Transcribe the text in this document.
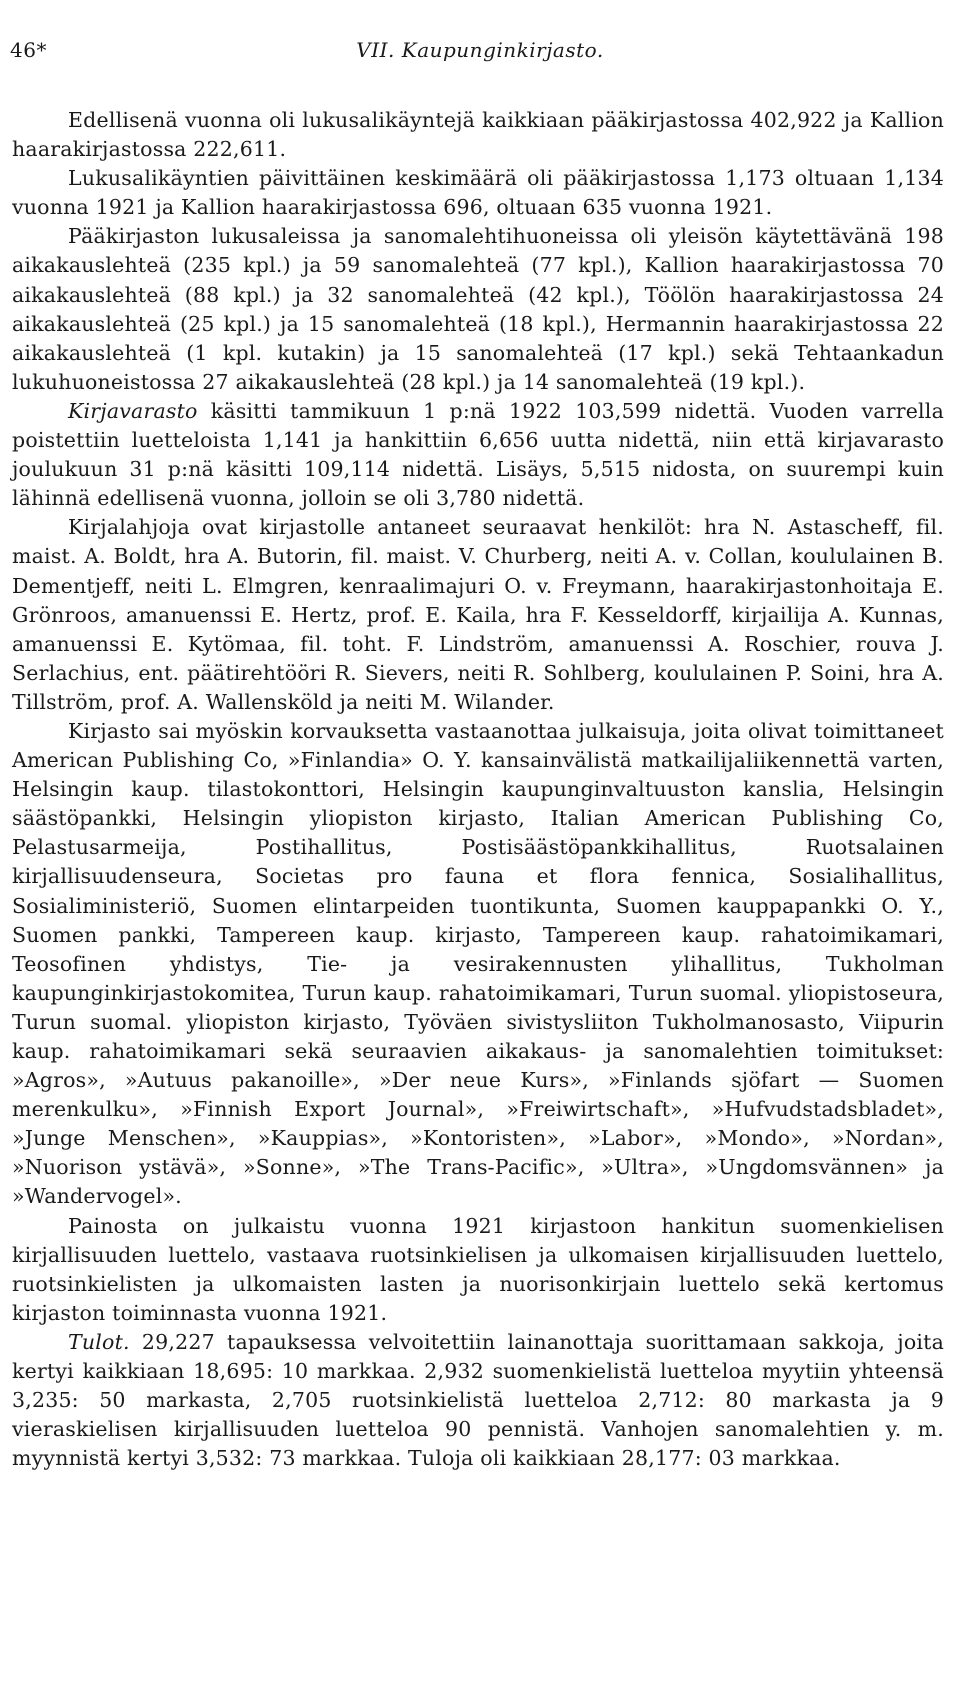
46*	VII. Kaupunginkirjasto.

Edellisenä vuonna oli lukusalikäyntejä kaikkiaan pääkirjastossa 402,922 ja Kallion haarakirjastossa 222,611.

Lukusalikäyntien päivittäinen keskimäärä oli pääkirjastossa 1,173 oltuaan 1,134 vuonna 1921 ja Kallion haarakirjastossa 696, oltuaan 635 vuonna 1921.

Pääkirjaston lukusaleissa ja sanomalehtihuoneissa oli yleisön käytettävänä 198 aikakauslehteä (235 kpl.) ja 59 sanomalehteä (77 kpl.), Kallion haarakirjastossa 70 aikakauslehteä (88 kpl.) ja 32 sanomalehteä (42 kpl.), Töölön haarakirjastossa 24 aikakauslehteä (25 kpl.) ja 15 sanomalehteä (18 kpl.), Hermannin haarakirjastossa 22 aikakauslehteä (1 kpl. kutakin) ja 15 sanomalehteä (17 kpl.) sekä Tehtaankadun lukuhuoneistossa 27 aikakauslehteä (28 kpl.) ja 14 sanomalehteä (19 kpl.).

Kirjavarasto käsitti tammikuun 1 p:nä 1922 103,599 nidettä. Vuoden varrella poistettiin luetteloista 1,141 ja hankittiin 6,656 uutta nidettä, niin että kirjavarasto joulukuun 31 p:nä käsitti 109,114 nidettä. Lisäys, 5,515 nidosta, on suurempi kuin lähinnä edellisenä vuonna, jolloin se oli 3,780 nidettä.

Kirjalahjoja ovat kirjastolle antaneet seuraavat henkilöt: hra N. Astascheff, fil. maist. A. Boldt, hra A. Butorin, fil. maist. V. Churberg, neiti A. v. Collan, koululainen B. Dementjeff, neiti L. Elmgren, kenraalimajuri O. v. Freymann, haarakirjastonhoitaja E. Grönroos, amanuenssi E. Hertz, prof. E. Kaila, hra F. Kesseldorff, kirjailija A. Kunnas, amanuenssi E. Kytömaa, fil. toht. F. Lindström, amanuenssi A. Roschier, rouva J. Serlachius, ent. päätirehtööri R. Sievers, neiti R. Sohlberg, koululainen P. Soini, hra A. Tillström, prof. A. Wallensköld ja neiti M. Wilander.

Kirjasto sai myöskin korvauksetta vastaanottaa julkaisuja, joita olivat toimittaneet American Publishing Co, »Finlandia» O. Y. kansainvälistä matkailijaliikennettä varten, Helsingin kaup. tilastokonttori, Helsingin kaupunginvaltuuston kanslia, Helsingin säästöpankki, Helsingin yliopiston kirjasto, Italian American Publishing Co, Pelastusarmeija, Postihallitus, Postisäästöpankkihallitus, Ruotsalainen kirjallisuudenseura, Societas pro fauna et flora fennica, Sosialihallitus, Sosialiministeriö, Suomen elintarpeiden tuontikunta, Suomen kauppapankki O. Y., Suomen pankki, Tampereen kaup. kirjasto, Tampereen kaup. rahatoimikamari, Teosofinen yhdistys, Tie- ja vesirakennusten ylihallitus, Tukholman kaupunginkirjastokomitea, Turun kaup. rahatoimikamari, Turun suomal. yliopistoseura, Turun suomal. yliopiston kirjasto, Työväen sivistysliiton Tukholmanosasto, Viipurin kaup. rahatoimikamari sekä seuraavien aikakaus- ja sanomalehtien toimitukset: »Agros», »Autuus pakanoille», »Der neue Kurs», »Finlands sjöfart — Suomen merenkulku», »Finnish Export Journal», »Freiwirtschaft», »Hufvudstadsbladet», »Junge Menschen», »Kauppias», »Kontoristen», »Labor», »Mondo», »Nordan», »Nuorison ystävä», »Sonne», »The Trans-Pacific», »Ultra», »Ungdomsvännen» ja »Wandervogel».

Painosta on julkaistu vuonna 1921 kirjastoon hankitun suomenkielisen kirjallisuuden luettelo, vastaava ruotsinkielisen ja ulkomaisen kirjallisuuden luettelo, ruotsinkielisten ja ulkomaisten lasten ja nuorisonkirjain luettelo sekä kertomus kirjaston toiminnasta vuonna 1921.

Tulot. 29,227 tapauksessa velvoitettiin lainanottaja suorittamaan sakkoja, joita kertyi kaikkiaan 18,695: 10 markkaa. 2,932 suomenkielistä luetteloa myytiin yhteensä 3,235: 50 markasta, 2,705 ruotsinkielistä luetteloa 2,712: 80 markasta ja 9 vieraskielisen kirjallisuuden luetteloa 90 pennistä. Vanhojen sanomalehtien y. m. myynnistä kertyi 3,532: 73 markkaa. Tuloja oli kaikkiaan 28,177: 03 markkaa.
